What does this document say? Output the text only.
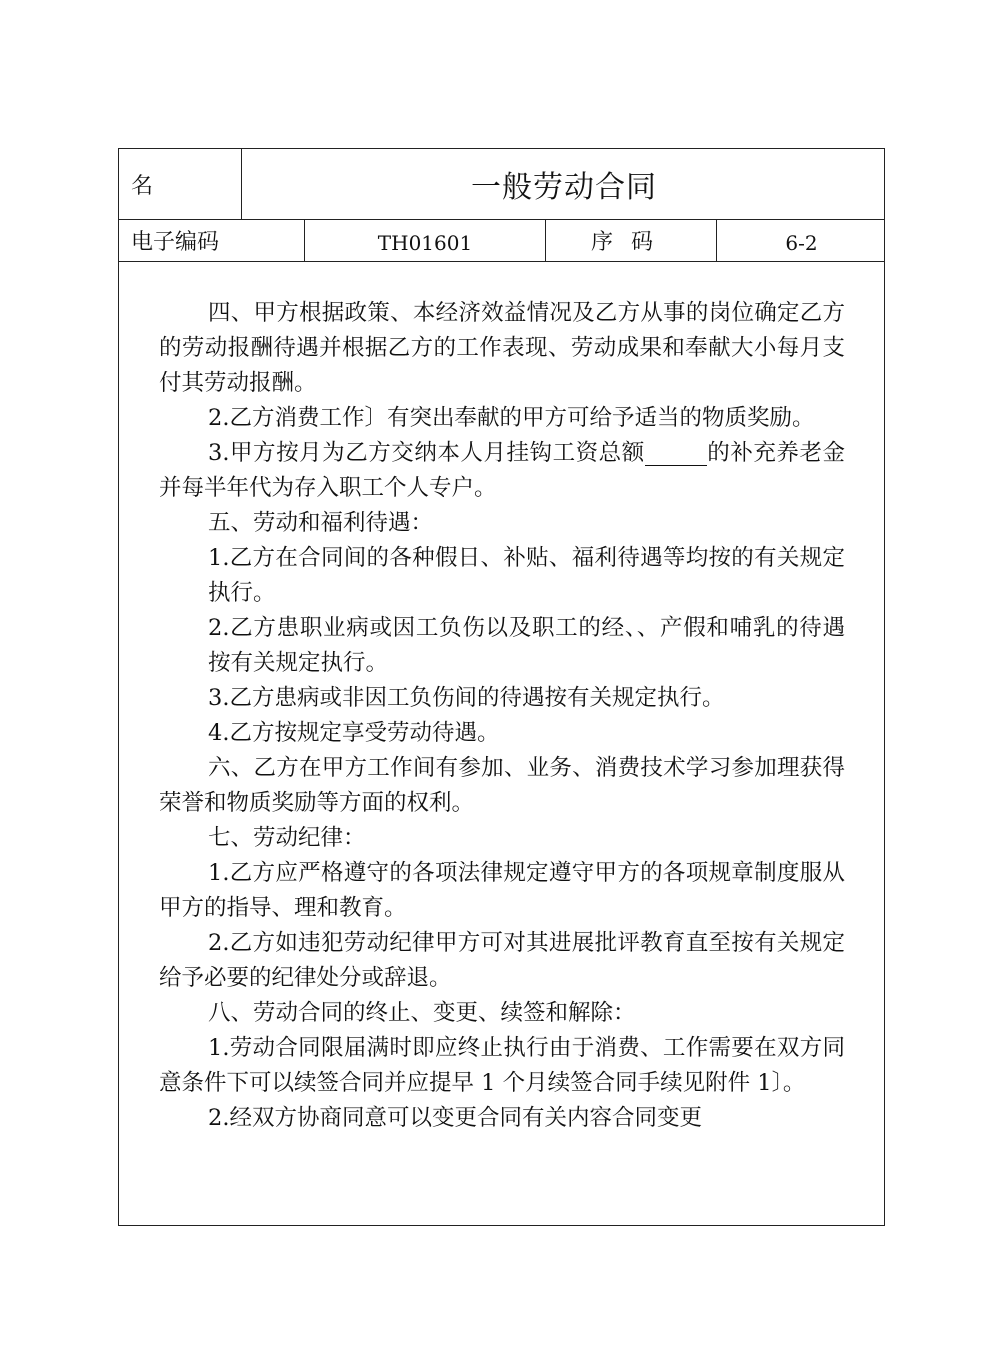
名	一般劳动合同
电子编码	TH01601	序码	6-2

四、甲方根据政策、本经济效益情况及乙方从事的岗位确定乙方的劳动报酬待遇并根据乙方的工作表现、劳动成果和奉献大小每月支付其劳动报酬。

2.乙方消费工作〕有突出奉献的甲方可给予适当的物质奖励。

3.甲方按月为乙方交纳本人月挂钩工资总额	的补充养老金并每半年代为存入职工个人专户。

五、劳动和福利待遇：

1.乙方在合同间的各种假日、补贴、福利待遇等均按的有关规定执行。

2.乙方患职业病或因工负伤以及职工的经、、产假和哺乳的待遇按有关规定执行。

3.乙方患病或非因工负伤间的待遇按有关规定执行。

4.乙方按规定享受劳动待遇。

六、乙方在甲方工作间有参加、业务、消费技术学习参加理获得荣誉和物质奖励等方面的权利。

七、劳动纪律：

1.乙方应严格遵守的各项法律规定遵守甲方的各项规章制度服从甲方的指导、理和教育。

2.乙方如违犯劳动纪律甲方可对其进展批评教育直至按有关规定给予必要的纪律处分或辞退。

八、劳动合同的终止、变更、续签和解除：

1.劳动合同限届满时即应终止执行由于消费、工作需要在双方同意条件下可以续签合同并应提早 1 个月续签合同手续见附件 1〕。

2.经双方协商同意可以变更合同有关内容合同变更
